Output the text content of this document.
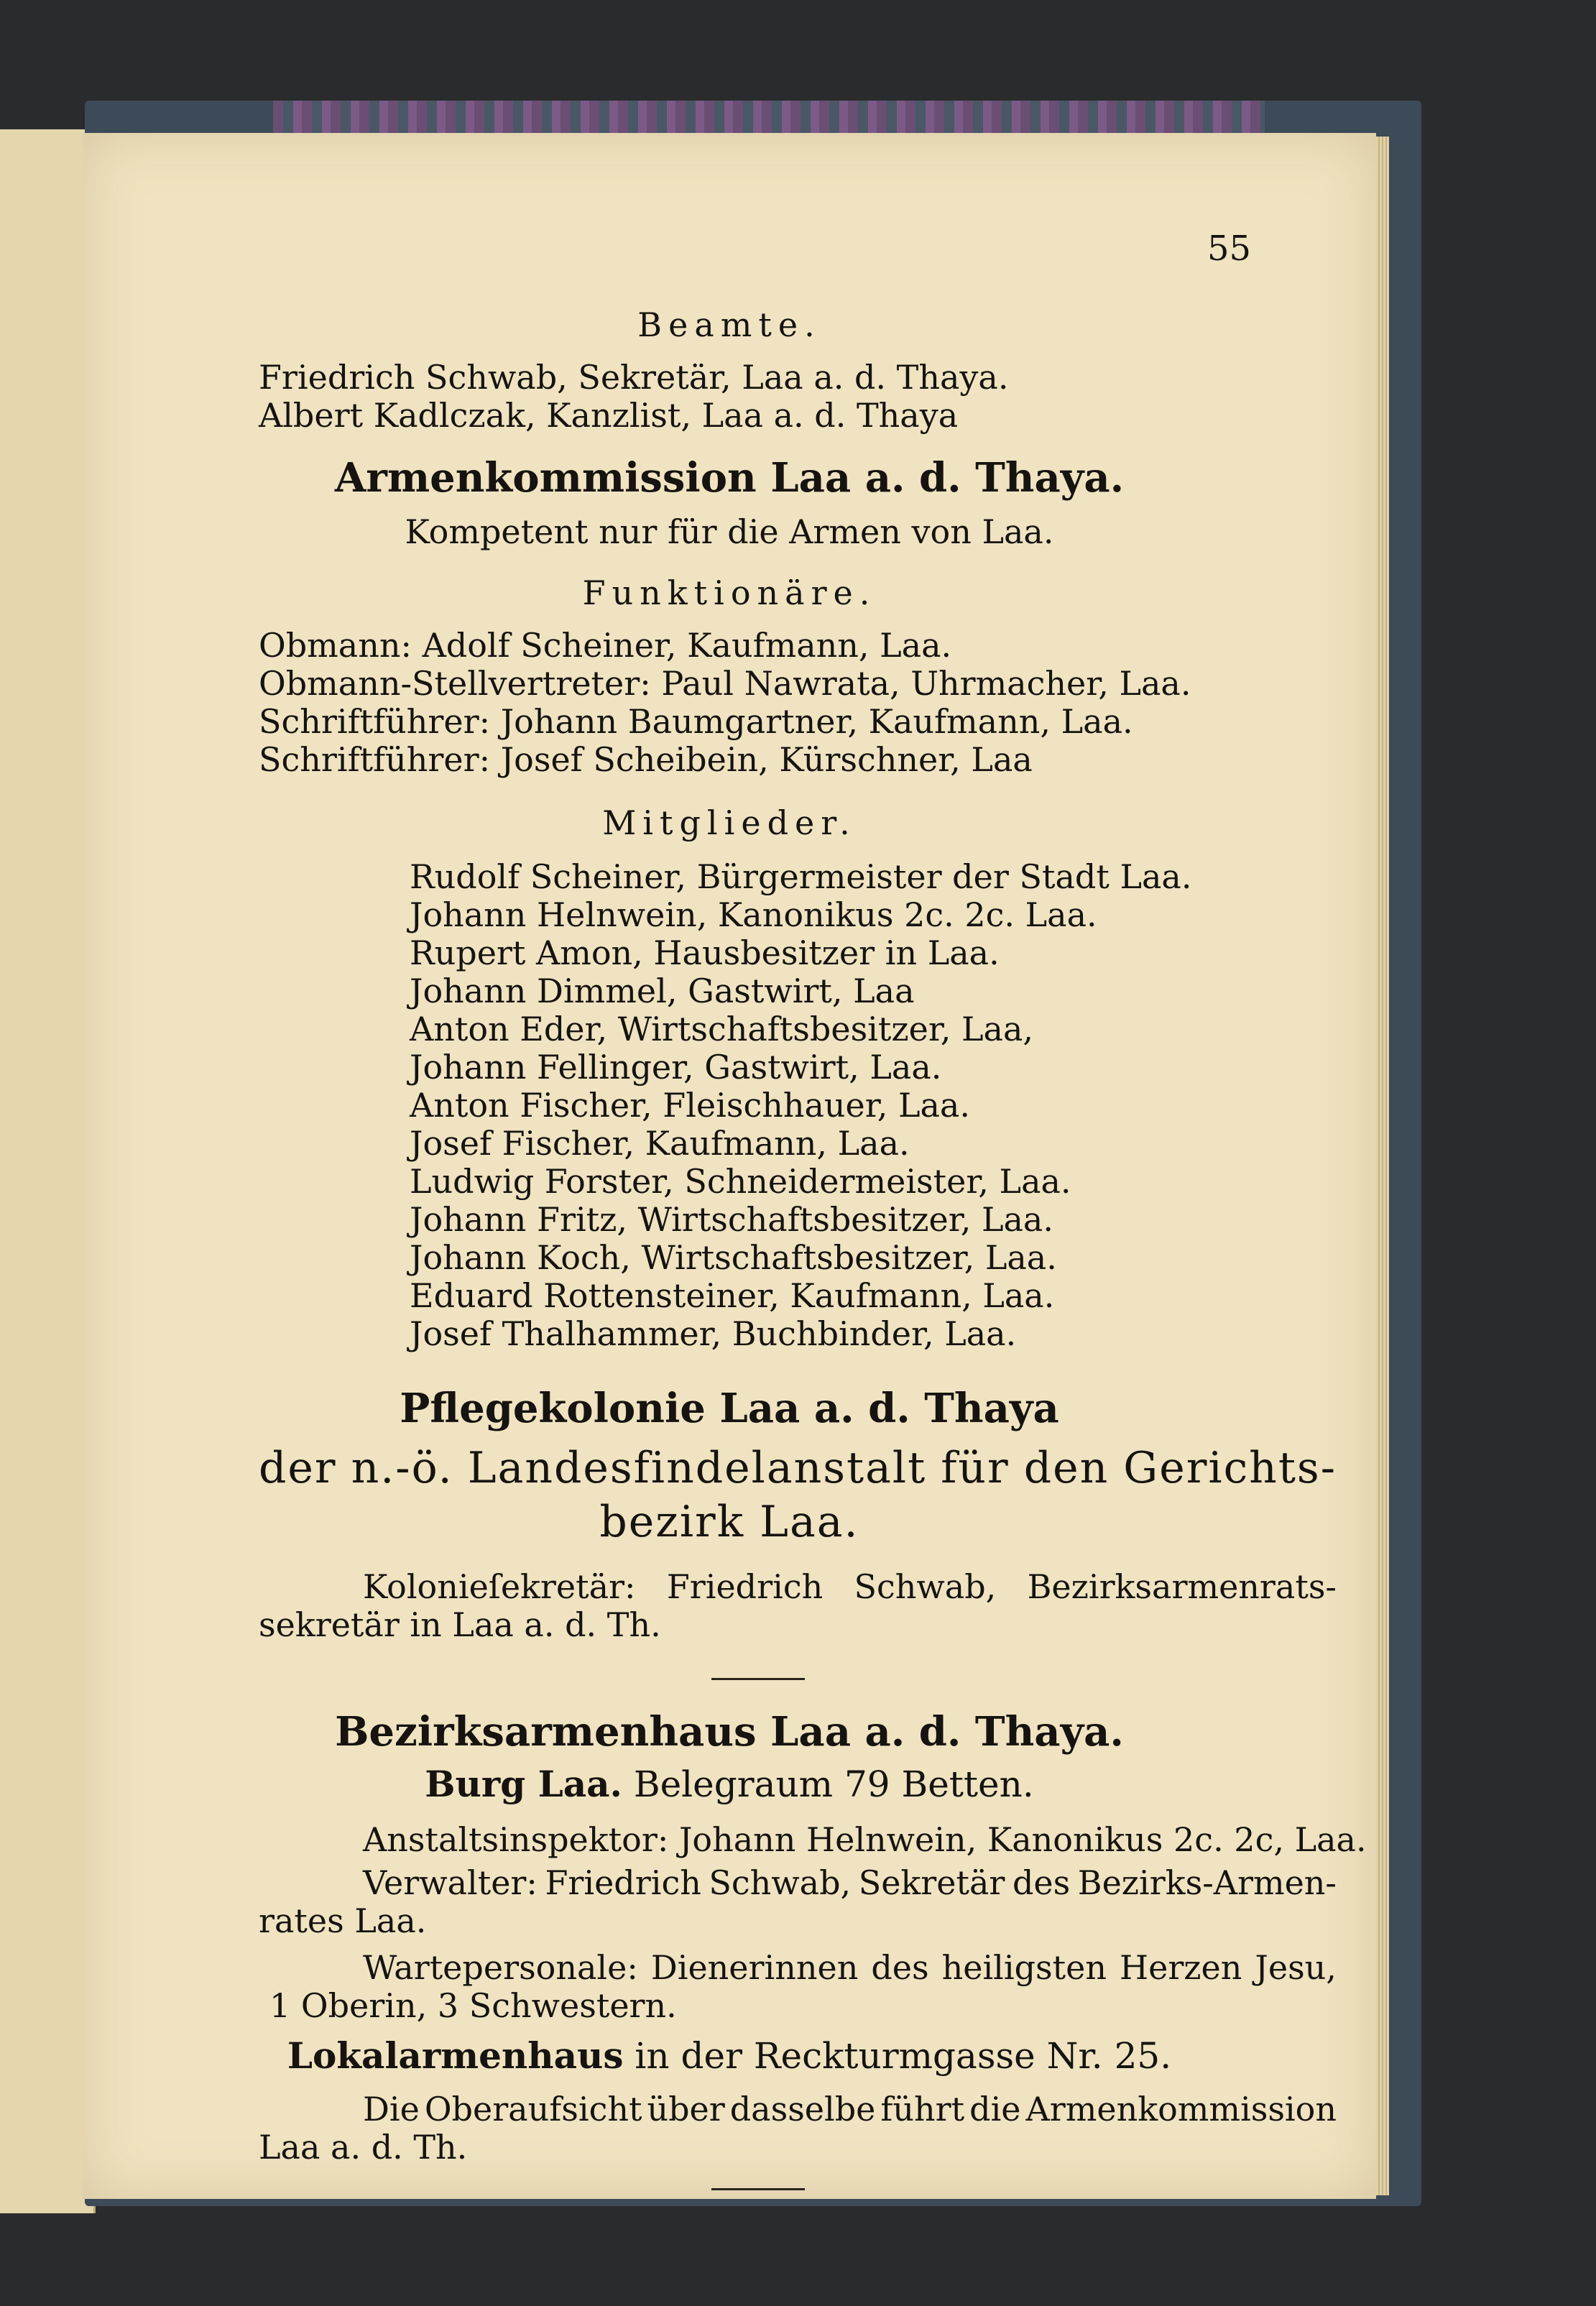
55

Beamte.

Friedrich Schwab, Sekretär, Laa a. d. Thaya.

Albert Kadlczak, Kanzlist, Laa a. d. Thaya

Armenkommission Laa a. d. Thaya.

Kompetent nur für die Armen von Laa.

Funktionäre.

Obmann: Adolf Scheiner, Kaufmann, Laa.

Obmann-Stellvertreter: Paul Nawrata, Uhrmacher, Laa.

Schriftführer: Johann Baumgartner, Kaufmann, Laa.

Schriftführer: Josef Scheibein, Kürschner, Laa

Mitglieder.

Rudolf Scheiner, Bürgermeister der Stadt Laa.

Johann Helnwein, Kanonikus 2c. 2c. Laa.

Rupert Amon, Hausbesitzer in Laa.

Johann Dimmel, Gastwirt, Laa

Anton Eder, Wirtschaftsbesitzer, Laa,

Johann Fellinger, Gastwirt, Laa.

Anton Fischer, Fleischhauer, Laa.

Josef Fischer, Kaufmann, Laa.

Ludwig Forster, Schneidermeister, Laa.

Johann Fritz, Wirtschaftsbesitzer, Laa.

Johann Koch, Wirtschaftsbesitzer, Laa.

Eduard Rottensteiner, Kaufmann, Laa.

Josef Thalhammer, Buchbinder, Laa.

Pflegekolonie Laa a. d. Thaya

der n.-ö. Landesfindelanstalt für den Gerichts-

bezirk Laa.

Kolonieſekretär: Friedrich Schwab, Bezirksarmenrats-

sekretär in Laa a. d. Th.

Bezirksarmenhaus Laa a. d. Thaya.

Burg Laa. Belegraum 79 Betten.

Anstaltsinspektor: Johann Helnwein, Kanonikus 2c. 2c, Laa.

Verwalter: Friedrich Schwab, Sekretär des Bezirks-Armen-

rates Laa.

Wartepersonale: Dienerinnen des heiligsten Herzen Jesu,

1 Oberin, 3 Schwestern.

Lokalarmenhaus in der Reckturmgasse Nr. 25.

Die Oberaufsicht über dasselbe führt die Armenkommission

Laa a. d. Th.
